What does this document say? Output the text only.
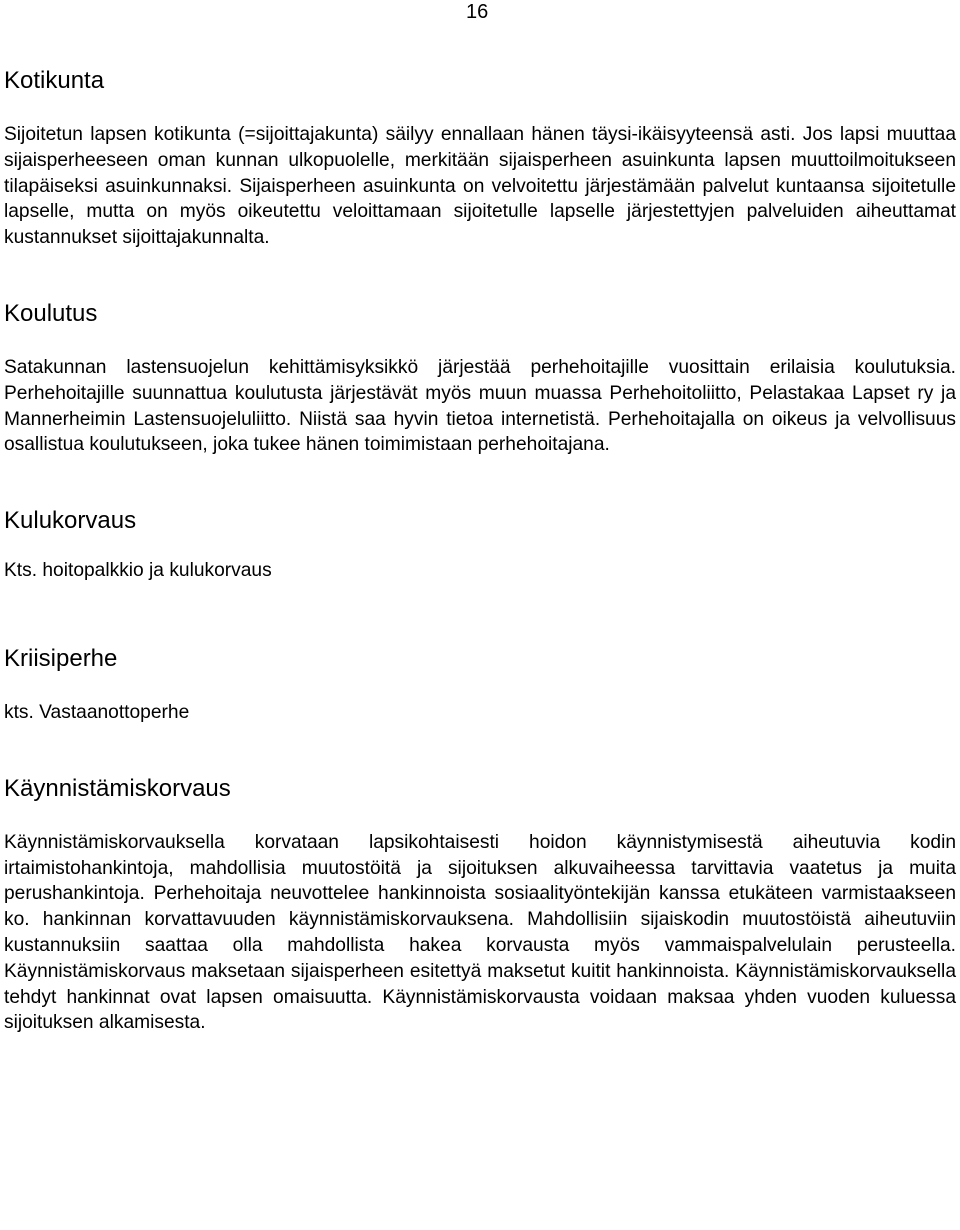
16
Kotikunta

Sijoitetun lapsen kotikunta (=sijoittajakunta) säilyy ennallaan hänen täysi-ikäisyyteensä asti. Jos lapsi muuttaa sijaisperheeseen oman kunnan ulkopuolelle, merkitään sijaisperheen asuinkunta lapsen muuttoilmoitukseen tilapäiseksi asuinkunnaksi. Sijaisperheen asuinkunta on velvoitettu järjestämään palvelut kuntaansa sijoitetulle lapselle, mutta on myös oikeutettu veloittamaan sijoitetulle lapselle järjestettyjen palveluiden aiheuttamat kustannukset sijoittajakunnalta.

Koulutus

Satakunnan lastensuojelun kehittämisyksikkö järjestää perhehoitajille vuosittain erilaisia koulutuksia. Perhehoitajille suunnattua koulutusta järjestävät myös muun muassa Perhehoitoliitto, Pelastakaa Lapset ry ja Mannerheimin Lastensuojeluliitto. Niistä saa hyvin tietoa internetistä. Perhehoitajalla on oikeus ja velvollisuus osallistua koulutukseen, joka tukee hänen toimimistaan perhehoitajana.

Kulukorvaus

Kts. hoitopalkkio ja kulukorvaus

Kriisiperhe

kts. Vastaanottoperhe

Käynnistämiskorvaus

Käynnistämiskorvauksella korvataan lapsikohtaisesti hoidon käynnistymisestä aiheutuvia kodin irtaimistohankintoja, mahdollisia muutostöitä ja sijoituksen alkuvaiheessa tarvittavia vaatetus ja muita perushankintoja. Perhehoitaja neuvottelee hankinnoista sosiaalityöntekijän kanssa etukäteen varmistaakseen ko. hankinnan korvattavuuden käynnistämiskorvauksena. Mahdollisiin sijaiskodin muutostöistä aiheutuviin kustannuksiin saattaa olla mahdollista hakea korvausta myös vammaispalvelulain perusteella. Käynnistämiskorvaus maksetaan sijaisperheen esitettyä maksetut kuitit hankinnoista. Käynnistämiskorvauksella tehdyt hankinnat ovat lapsen omaisuutta. Käynnistämiskorvausta voidaan maksaa yhden vuoden kuluessa sijoituksen alkamisesta.
